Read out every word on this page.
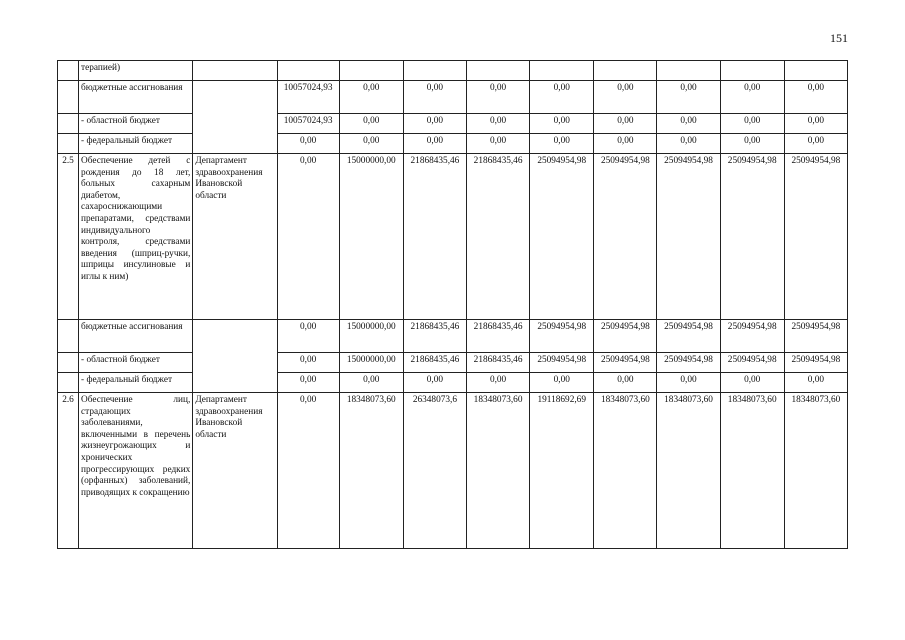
151
	терапией)										
	бюджетные ассигнования		10057024,93	0,00	0,00	0,00	0,00	0,00	0,00	0,00	0,00
	- областной бюджет		10057024,93	0,00	0,00	0,00	0,00	0,00	0,00	0,00	0,00
	- федеральный бюджет		0,00	0,00	0,00	0,00	0,00	0,00	0,00	0,00	0,00
2.5	Обеспечение детей с рождения до 18 лет, больных сахарным диабетом, сахароснижающими препаратами, средствами индивидуального контроля, средствами введения (шприц-ручки, шприцы инсулиновые и иглы к ним)	Департамент здравоохранения Ивановской области	0,00	15000000,00	21868435,46	21868435,46	25094954,98	25094954,98	25094954,98	25094954,98	25094954,98
	бюджетные ассигнования		0,00	15000000,00	21868435,46	21868435,46	25094954,98	25094954,98	25094954,98	25094954,98	25094954,98
	- областной бюджет		0,00	15000000,00	21868435,46	21868435,46	25094954,98	25094954,98	25094954,98	25094954,98	25094954,98
	- федеральный бюджет		0,00	0,00	0,00	0,00	0,00	0,00	0,00	0,00	0,00
2.6	Обеспечение лиц, страдающих заболеваниями, включенными в перечень жизнеугрожающих и хронических прогрессирующих редких (орфанных) заболеваний, приводящих к сокращению	Департамент здравоохранения Ивановской области	0,00	18348073,60	26348073,6	18348073,60	19118692,69	18348073,60	18348073,60	18348073,60	18348073,60
